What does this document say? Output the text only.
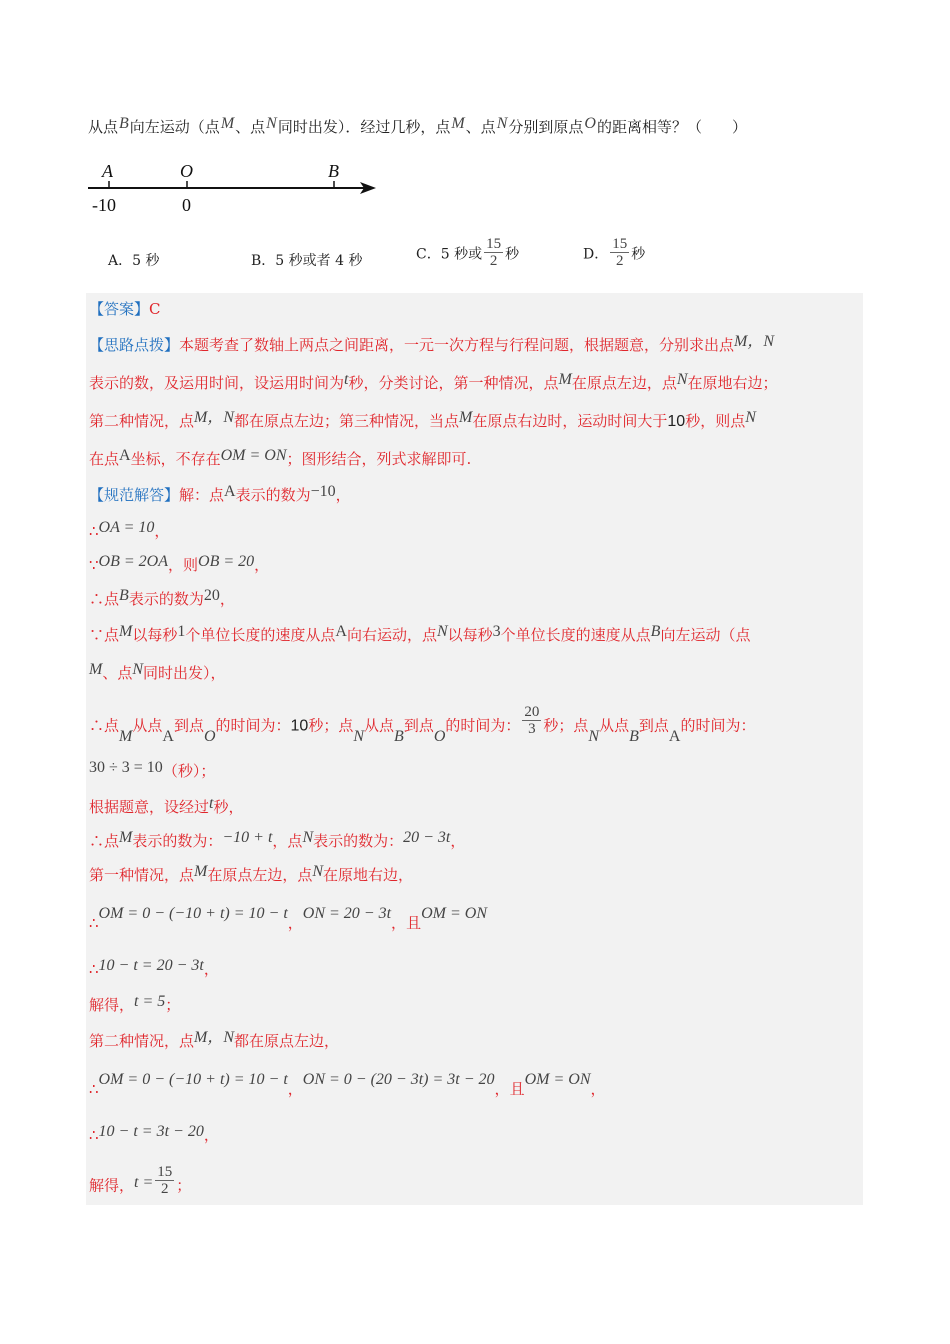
从点B向左运动（点M、点N同时出发）．经过几秒，点M、点N分别到原点O的距离相等？（　　）
A	O	B
-10	0
A．5 秒	B．5 秒或者 4 秒	C．5 秒或 $\frac{15}{2}$ 秒	D． $\frac{15}{2}$ 秒
【答案】C
【思路点拨】本题考查了数轴上两点之间距离，一元一次方程与行程问题，根据题意，分别求出点M，N
表示的数，及运用时间，设运用时间为t秒，分类讨论，第一种情况，点M在原点左边，点N在原地右边；
第二种情况，点M，N都在原点左边；第三种情况，当点M在原点右边时，运动时间大于10秒，则点N
在点A坐标，不存在OM = ON；图形结合，列式求解即可.
【规范解答】解：点A表示的数为−10，
∴OA = 10，
∵OB = 2OA，则OB = 20，
∴点B表示的数为20，
∵点M以每秒1个单位长度的速度从点A向右运动，点N以每秒3个单位长度的速度从点B向左运动（点
M、点N同时出发），
∴点M从点A到点O的时间为：10秒；点N从点B到点O的时间为： $\frac{20}{3}$ 秒；点N从点B到点A的时间为：
30 ÷ 3 = 10（秒）；
根据题意，设经过t秒，
∴点M表示的数为：−10 + t，点N表示的数为：20 − 3t，
第一种情况，点M在原点左边，点N在原地右边，
∴OM = 0 − (−10 + t) = 10 − t，ON = 20 − 3t，且OM = ON
∴10 − t = 20 − 3t，
解得，t = 5；
第二种情况，点M，N都在原点左边，
∴OM = 0 − (−10 + t) = 10 − t，ON = 0 − (20 − 3t) = 3t − 20，且OM = ON，
∴10 − t = 3t − 20，
解得，$t = \frac{15}{2}$ ；
